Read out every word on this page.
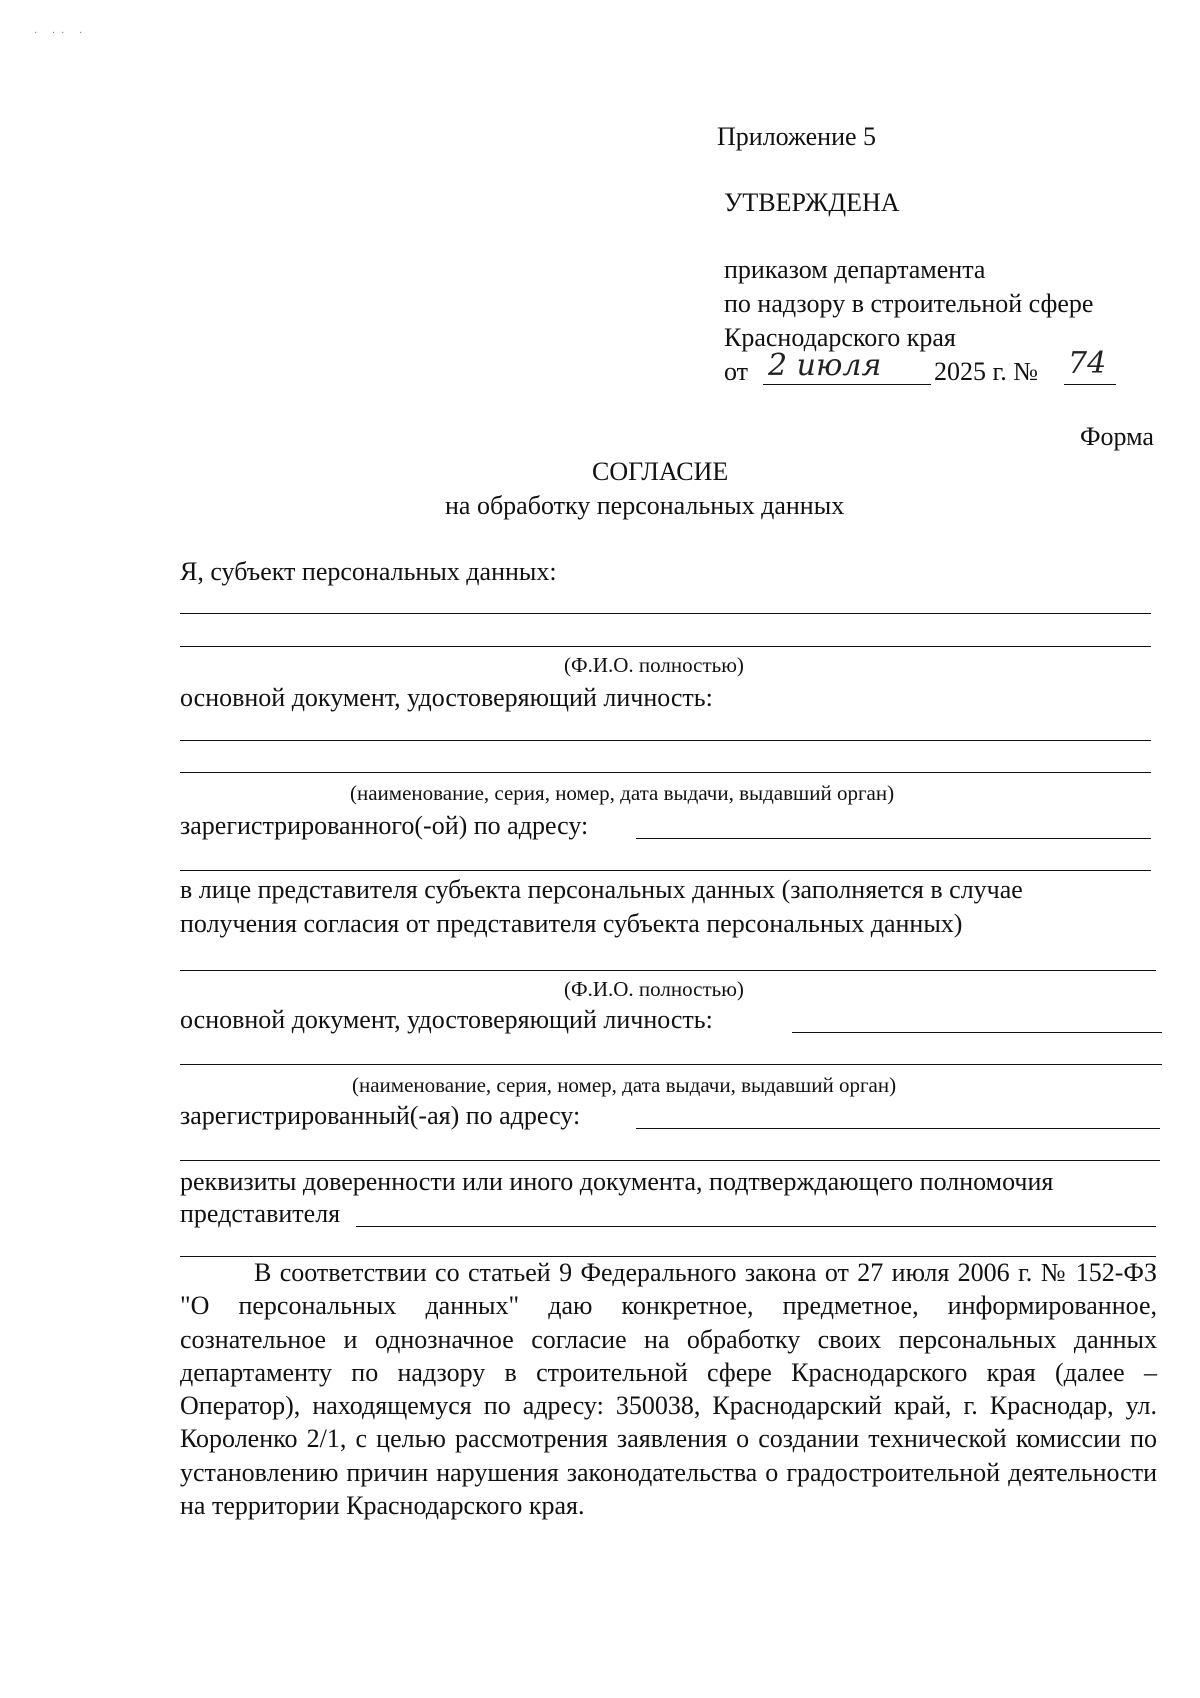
· ·· ·
Приложение 5
УТВЕРЖДЕНА
приказом департамента
по надзору в строительной сфере
Краснодарского края
от 2 июля 2025 г. № 74
Форма
СОГЛАСИЕ
на обработку персональных данных
Я, субъект персональных данных:
(Ф.И.О. полностью)
основной документ, удостоверяющий личность:
(наименование, серия, номер, дата выдачи, выдавший орган)
зарегистрированного(-ой) по адресу:
в лице представителя субъекта персональных данных (заполняется в случае
получения согласия от представителя субъекта персональных данных)
(Ф.И.О. полностью)
основной документ, удостоверяющий личность:
(наименование, серия, номер, дата выдачи, выдавший орган)
зарегистрированный(-ая) по адресу:
реквизиты доверенности или иного документа, подтверждающего полномочия
представителя
В соответствии со статьей 9 Федерального закона от 27 июля 2006 г. № 152-ФЗ "О персональных данных" даю конкретное, предметное, информированное, сознательное и однозначное согласие на обработку своих персональных данных департаменту по надзору в строительной сфере Краснодарского края (далее – Оператор), находящемуся по адресу: 350038, Краснодарский край, г. Краснодар, ул. Короленко 2/1, с целью рассмотрения заявления о создании технической комиссии по установлению причин нарушения законодательства о градостроительной деятельности на территории Краснодарского края.
